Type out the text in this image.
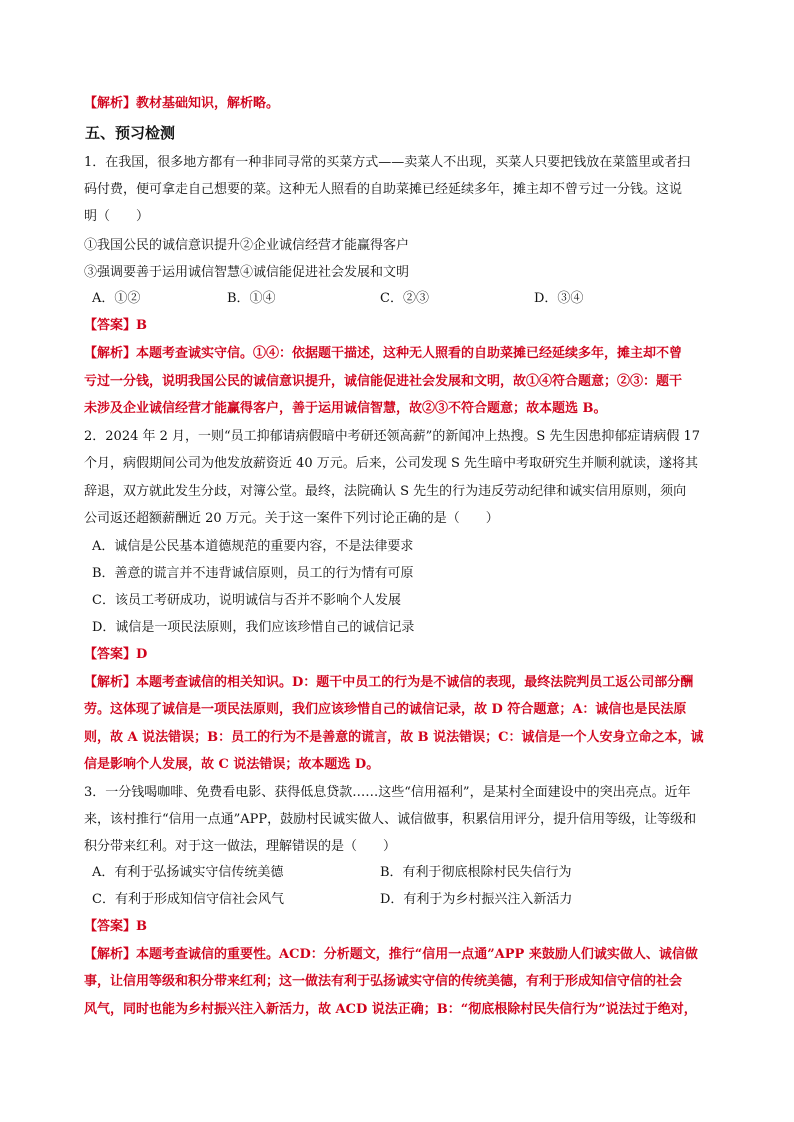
【解析】教材基础知识，解析略。
五、预习检测
1．在我国，很多地方都有一种非同寻常的买菜方式——卖菜人不出现，买菜人只要把钱放在菜篮里或者扫
码付费，便可拿走自己想要的菜。这种无人照看的自助菜摊已经延续多年，摊主却不曾亏过一分钱。这说
明（　　）
①我国公民的诚信意识提升②企业诚信经营才能赢得客户
③强调要善于运用诚信智慧④诚信能促进社会发展和文明
A．①②	B．①④	C．②③	D．③④
【答案】B
【解析】本题考查诚实守信。①④：依据题干描述，这种无人照看的自助菜摊已经延续多年，摊主却不曾
亏过一分钱，说明我国公民的诚信意识提升，诚信能促进社会发展和文明，故①④符合题意；②③：题干
未涉及企业诚信经营才能赢得客户，善于运用诚信智慧，故②③不符合题意；故本题选 B。
2．2024 年 2 月，一则“员工抑郁请病假暗中考研还领高薪”的新闻冲上热搜。S 先生因患抑郁症请病假 17
个月，病假期间公司为他发放薪资近 40 万元。后来，公司发现 S 先生暗中考取研究生并顺利就读，遂将其
辞退，双方就此发生分歧，对簿公堂。最终，法院确认 S 先生的行为违反劳动纪律和诚实信用原则，须向
公司返还超额薪酬近 20 万元。关于这一案件下列讨论正确的是（　　）
A．诚信是公民基本道德规范的重要内容，不是法律要求
B．善意的谎言并不违背诚信原则，员工的行为情有可原
C．该员工考研成功，说明诚信与否并不影响个人发展
D．诚信是一项民法原则，我们应该珍惜自己的诚信记录
【答案】D
【解析】本题考查诚信的相关知识。D：题干中员工的行为是不诚信的表现，最终法院判员工返公司部分酬
劳。这体现了诚信是一项民法原则，我们应该珍惜自己的诚信记录，故 D 符合题意；A：诚信也是民法原
则，故 A 说法错误；B：员工的行为不是善意的谎言，故 B 说法错误；C：诚信是一个人安身立命之本，诚
信是影响个人发展，故 C 说法错误；故本题选 D。
3．一分钱喝咖啡、免费看电影、获得低息贷款……这些“信用福利”，是某村全面建设中的突出亮点。近年
来，该村推行“信用一点通”APP，鼓励村民诚实做人、诚信做事，积累信用评分，提升信用等级，让等级和
积分带来红利。对于这一做法，理解错误的是（　　）
A．有利于弘扬诚实守信传统美德	B．有利于彻底根除村民失信行为
C．有利于形成知信守信社会风气	D．有利于为乡村振兴注入新活力
【答案】B
【解析】本题考查诚信的重要性。ACD：分析题文，推行“信用一点通”APP 来鼓励人们诚实做人、诚信做
事，让信用等级和积分带来红利；这一做法有利于弘扬诚实守信的传统美德，有利于形成知信守信的社会
风气，同时也能为乡村振兴注入新活力，故 ACD 说法正确；B：“彻底根除村民失信行为”说法过于绝对，
